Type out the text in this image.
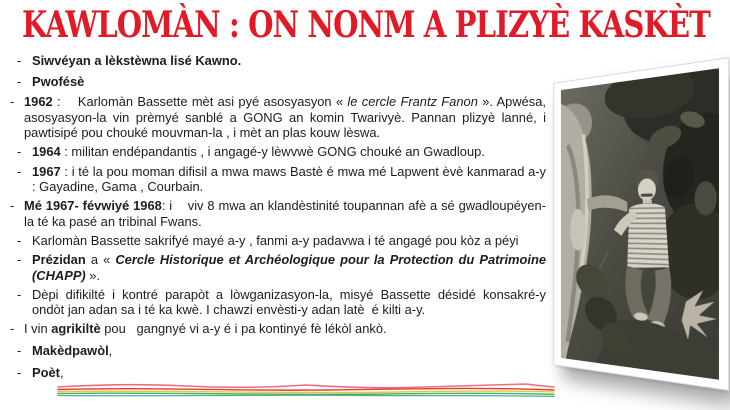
KAWLOMÀN : ON NONM A PLIZYÈ KASKÈT
- Siwvéyan a lèkstèwna lisé Kawno.
- Pwofésè
- 1962 :    Karlomàn Bassette mèt asi pyé asosyasyon « le cercle Frantz Fanon ». Apwésa, asosyasyon-la vin prèmyé sanblé a GONG an komin Twarivyè. Pannan plizyè lanné, i  pawtisipé pou chouké mouvman-la , i mèt an plas kouw lèswa.
- 1964 : militan endépandantis , i angagé-y lèwvwè GONG chouké an Gwadloup.
- 1967 : i té la pou moman difisil a mwa maws Bastè é mwa mé Lapwent èvè kanmarad a-y : Gayadine, Gama , Courbain.
- Mé 1967- févwiyé 1968: i    viv 8 mwa an klandèstinité toupannan afè a sé gwadloupéyen-la té ka pasé an tribinal Fwans.
- Karlomàn Bassette sakrifyé mayé a-y , fanmi a-y padavwa i té angagé pou kòz a péyi
- Prézidan a « Cercle Historique et Archéologique pour la Protection du Patrimoine (CHAPP) ».
- Dèpi difikilté i kontré parapòt a lòwganizasyon-la, misyé Bassette désidé konsakré-y ondòt jan adan sa i té ka kwè. I chawzi envèsti-y adan latè  é kilti a-y.
- I vin agrikiltè pou   gangnyé vi a-y é i pa kontinyé fè lékòl ankò.
- Makèdpawòl,
- Poèt,
